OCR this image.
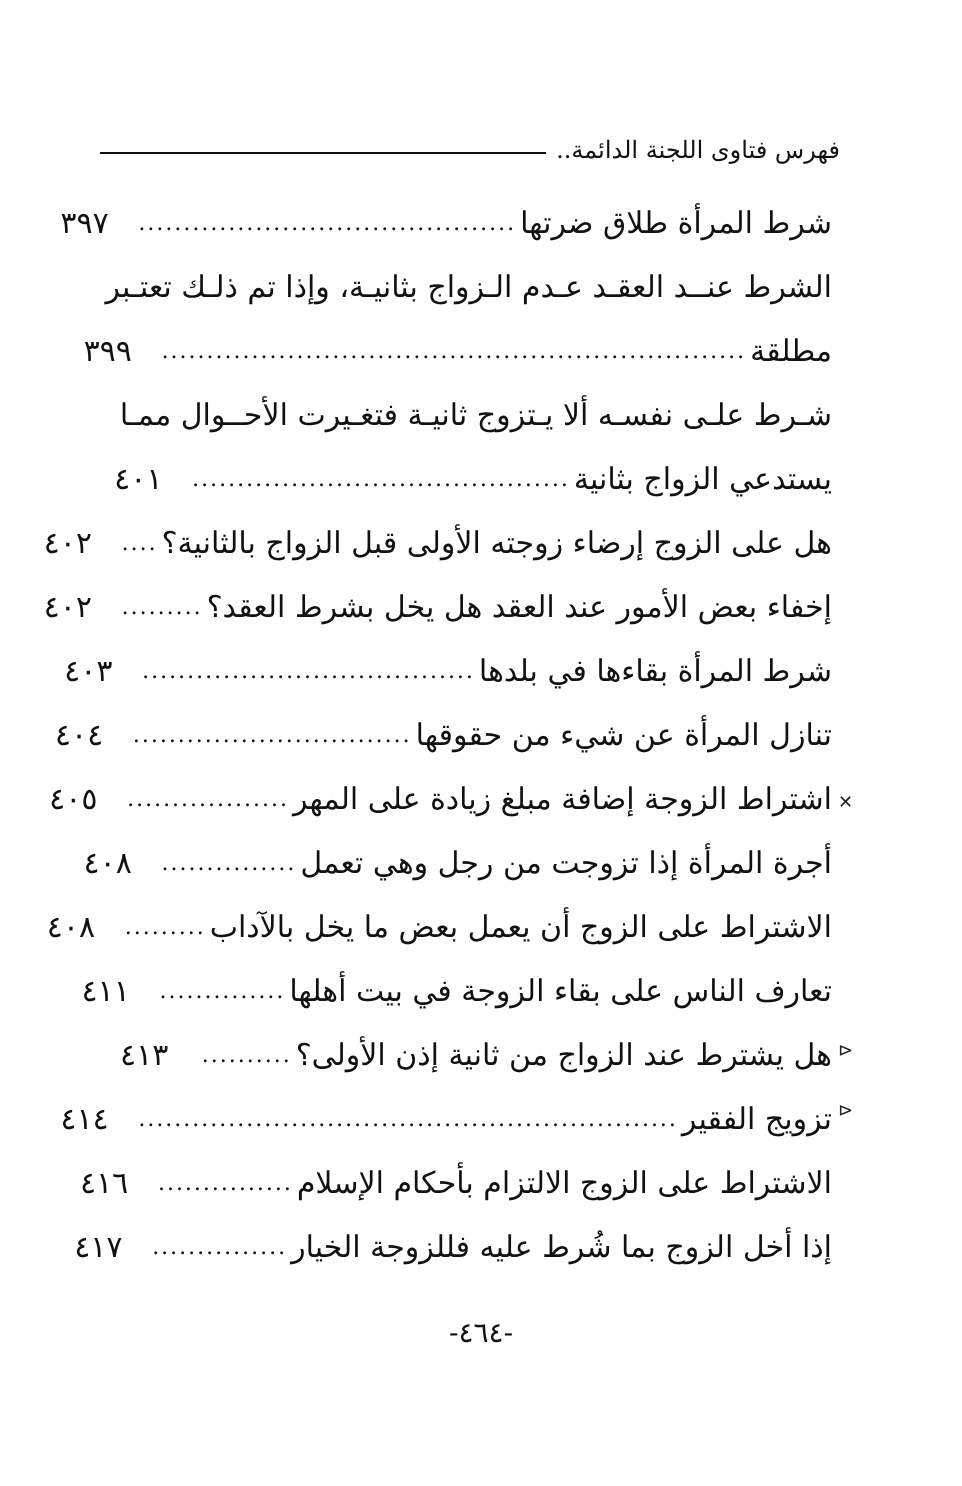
فهرس فتاوى اللجنة الدائمة..
شرط المرأة طلاق ضرتها
..........................................
٣٩٧
الشرط عنــد العقـد عـدم الـزواج بثانيـة، وإذا تم ذلـك تعتـبر
مطلقة
.................................................................
٣٩٩
شـرط علـى نفسـه ألا يـتزوج ثانيـة فتغـيرت الأحــوال ممـا
يستدعي الزواج بثانية
..........................................
٤٠١
هل على الزوج إرضاء زوجته الأولى قبل الزواج بالثانية؟
....
٤٠٢
إخفاء بعض الأمور عند العقد هل يخل بشرط العقد؟
.........
٤٠٢
شرط المرأة بقاءها في بلدها
.....................................
٤٠٣
تنازل المرأة عن شيء من حقوقها
...............................
٤٠٤
اشتراط الزوجة إضافة مبلغ زيادة على المهر
..................
٤٠٥
أجرة المرأة إذا تزوجت من رجل وهي تعمل
...............
٤٠٨
الاشتراط على الزوج أن يعمل بعض ما يخل بالآداب
.........
٤٠٨
تعارف الناس على بقاء الزوجة في بيت أهلها
..............
٤١١
هل يشترط عند الزواج من ثانية إذن الأولى؟
..........
٤١٣
تزويج الفقير
............................................................
٤١٤
الاشتراط على الزوج الالتزام بأحكام الإسلام
...............
٤١٦
إذا أخل الزوج بما شُرط عليه فللزوجة الخيار
...............
٤١٧
✕
⊳
⊳
-٤٦٤-
